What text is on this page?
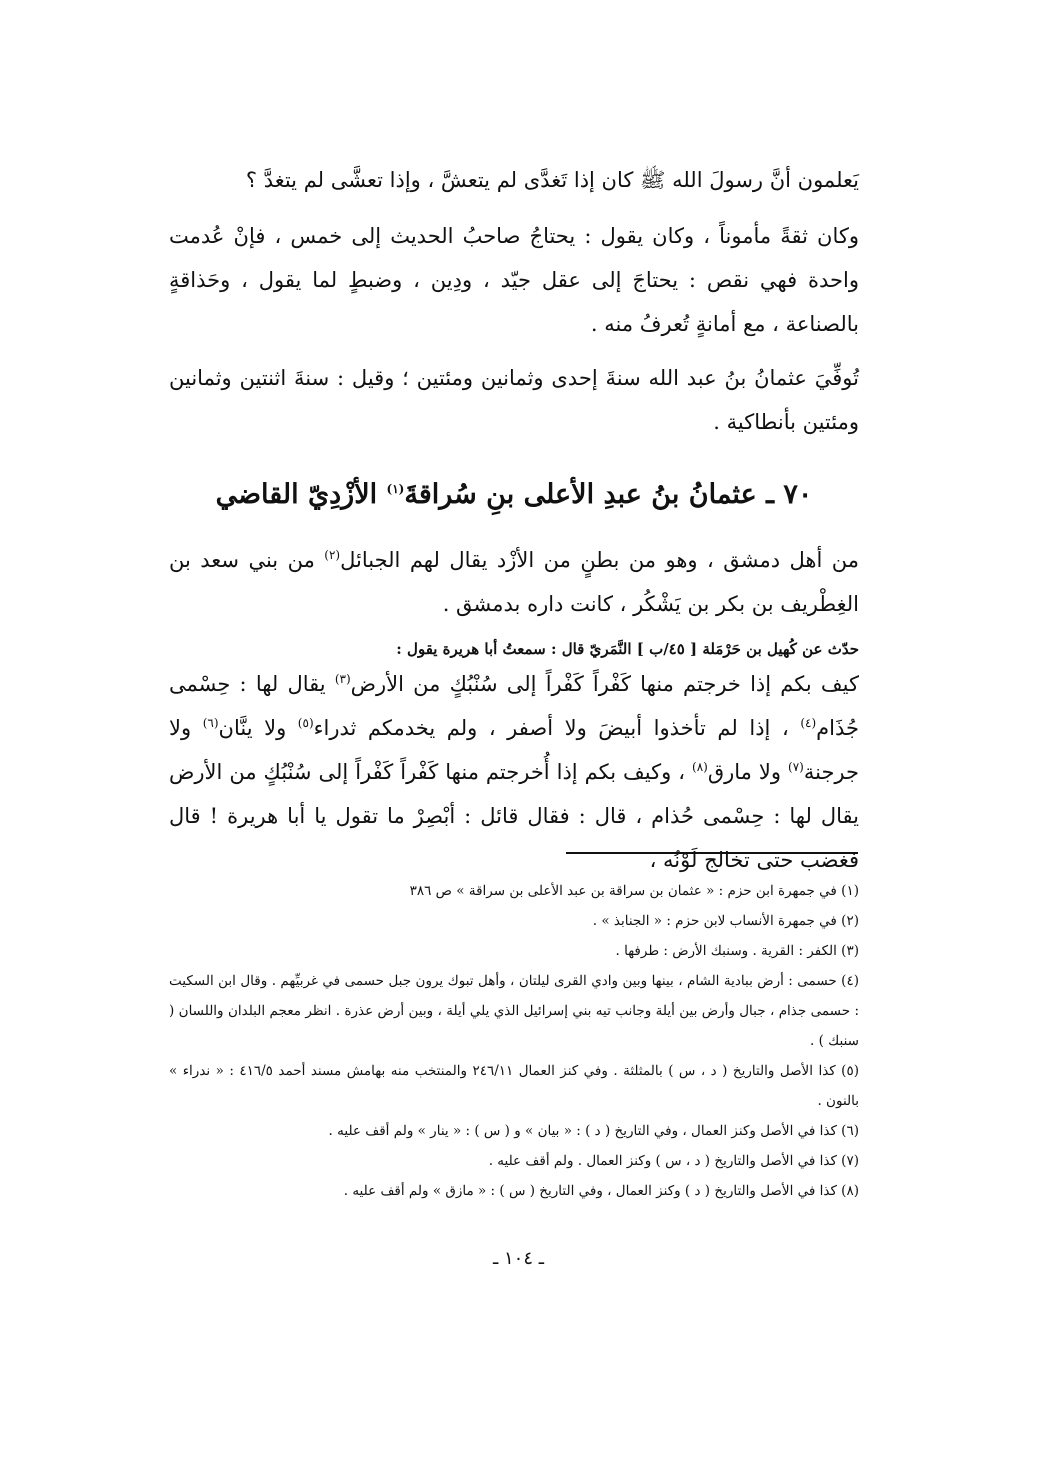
يَعلمون أنَّ رسولَ الله ﷺ كان إذا تَغدَّى لم يتعشَّ ، وإذا تعشَّى لم يتغدَّ ؟

وكان ثقةً مأموناً ، وكان يقول : يحتاجُ صاحبُ الحديث إلى خمس ، فإنْ عُدمت واحدة فهي نقص : يحتاجَ إلى عقل جيّد ، ودِين ، وضبطٍ لما يقول ، وحَذاقةٍ بالصناعة ، مع أمانةٍ تُعرفُ منه .

تُوفِّيَ عثمانُ بنُ عبد الله سنةَ إحدى وثمانين ومئتين ؛ وقيل : سنةَ اثنتين وثمانين ومئتين بأنطاكية .

٧٠ ـ عثمانُ بنُ عبدِ الأعلى بنِ سُراقةَ$^{(١)}$ الأزْدِيّ القاضي

من أهل دمشق ، وهو من بطنٍ من الأزْد يقال لهم الجبائل$^{(٢)}$ من بني سعد بن الغِطْريف بن بكر بن يَشْكُر ، كانت داره بدمشق .

حدّث عن كُهيل بن حَرْمَلة [ ٤٥/ب ] النَّمَريّ قال : سمعتُ أبا هريرة يقول :

كيف بكم إذا خرجتم منها كَفْراً كَفْراً إلى سُنْبُكٍ من الأرض$^{(٣)}$ يقال لها : حِسْمى جُذَام$^{(٤)}$ ، إذا لم تأخذوا أبيضَ ولا أصفر ، ولم يخدمكم ثدراء$^{(٥)}$ ولا ينَّان$^{(٦)}$ ولا جرجنة$^{(٧)}$ ولا مارق$^{(٨)}$ ، وكيف بكم إذا أُخرجتم منها كَفْراً كَفْراً إلى سُنْبُكٍ من الأرض يقال لها : حِسْمى حُذام ، قال : فقال قائل : أبْصِرْ ما تقول يا أبا هريرة ! قال فغضب حتى تخالج لَوْنُه ،

(١) في جمهرة ابن حزم : « عثمان بن سراقة بن عبد الأعلى بن سراقة » ص ٣٨٦

(٢) في جمهرة الأنساب لابن حزم : « الجنابذ » .

(٣) الكفر : القرية . وسنبك الأرض : طرفها .

(٤) حسمى : أرض ببادية الشام ، بينها وبين وادي القرى ليلتان ، وأهل تبوك يرون جبل حسمى في غربيِّهم . وقال ابن السكيت : حسمى جذام ، جبال وأرض بين أيلة وجانب تيه بني إسرائيل الذي يلي أيلة ، وبين أرض عذرة . انظر معجم البلدان واللسان ( سنبك ) .

(٥) كذا الأصل والتاريخ ( د ، س ) بالمثلثة . وفي كنز العمال ٢٤٦/١١ والمنتخب منه بهامش مسند أحمد ٤١٦/٥ : « ندراء » بالنون .

(٦) كذا في الأصل وكنز العمال ، وفي التاريخ ( د ) : « بيان » و ( س ) : « ينار » ولم أقف عليه .

(٧) كذا في الأصل والتاريخ ( د ، س ) وكنز العمال . ولم أقف عليه .

(٨) كذا في الأصل والتاريخ ( د ) وكنز العمال ، وفي التاريخ ( س ) : « مازق » ولم أقف عليه .

ـ ١٠٤ ـ
